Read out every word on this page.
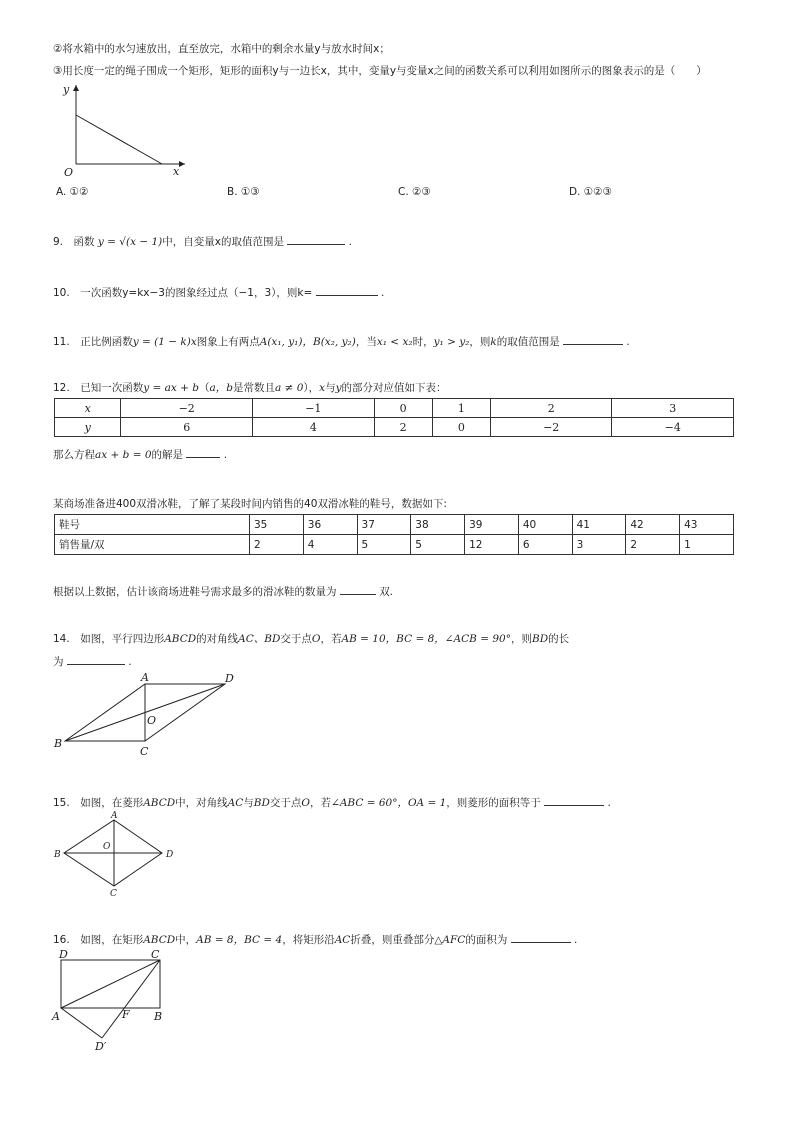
②将水箱中的水匀速放出，直至放完，水箱中的剩余水量y与放水时间x；
③用长度一定的绳子围成一个矩形，矩形的面积y与一边长x，其中，变量y与变量x之间的函数关系可以利用如图所示的图象表示的是（　　）
y
x
O
A. ①②	B. ①③	C. ②③	D. ①②③
9.　函数 y = √(x − 1)中，自变量x的取值范围是	.
10.　一次函数y=kx−3的图象经过点（−1，3），则k=	.
11.　正比例函数y = (1 − k)x图象上有两点A(x₁, y₁)，B(x₂, y₂)，当x₁ < x₂时，y₁ > y₂，则k的取值范围是	.
12.　已知一次函数y = ax + b（a，b是常数且a ≠ 0），x与y的部分对应值如下表：
x	−2	−1	0	1	2	3
y	6	4	2	0	−2	−4
那么方程ax + b = 0的解是	.
某商场准备进400双滑冰鞋，了解了某段时间内销售的40双滑冰鞋的鞋号，数据如下:
鞋号	35	36	37	38	39	40	41	42	43
销售量/双	2	4	5	5	12	6	3	2	1
根据以上数据，估计该商场进鞋号需求最多的滑冰鞋的数量为	双.
14.　如图，平行四边形ABCD的对角线AC、BD交于点O，若AB = 10，BC = 8，∠ACB = 90°，则BD的长
为	.
A
B
C
D
O
15.　如图，在菱形ABCD中，对角线AC与BD交于点O，若∠ABC = 60°，OA = 1，则菱形的面积等于	.
A
B
C
D
O
16.　如图，在矩形ABCD中，AB = 8，BC = 4，将矩形沿AC折叠，则重叠部分△AFC的面积为	.
D	C
A	B
F
D′
